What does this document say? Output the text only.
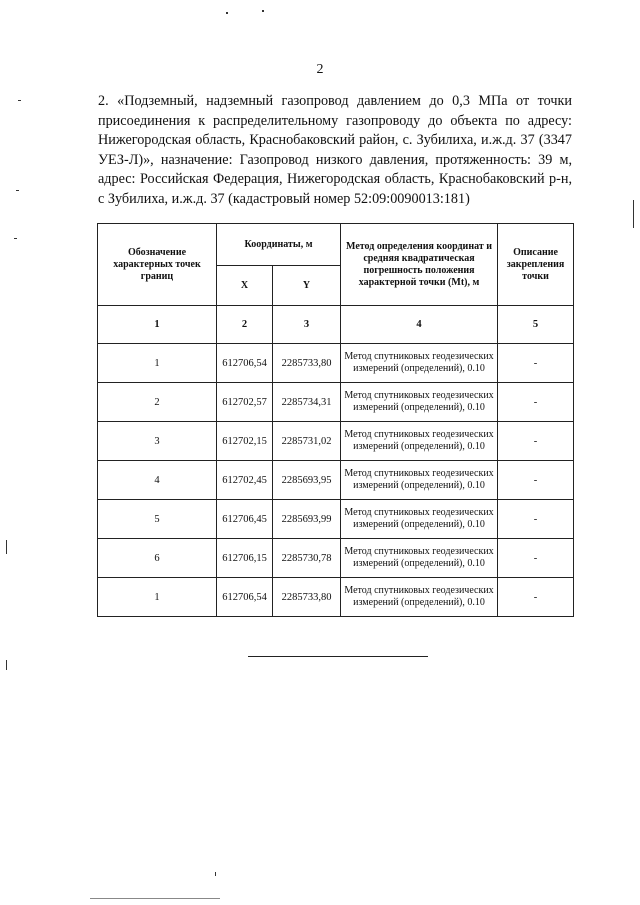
2
2. «Подземный, надземный газопровод давлением до 0,3 МПа от точки присоединения к распределительному газопроводу до объекта по адресу: Нижегородская область, Краснобаковский район, с. Зубилиха, и.ж.д. 37 (3347 УЕЗ-Л)», назначение: Газопровод низкого давления, протяженность: 39 м, адрес: Российская Федерация, Нижегородская область, Краснобаковский р-н, с Зубилиха, и.ж.д. 37 (кадастровый номер 52:09:0090013:181)
Обозначение характерных точек границ	Координаты, м		Метод определения координат и средняя квадратическая погрешность положения характерной точки (Mt), м	Описание закрепления точки
	X	Y		
1	2	3	4	5
1	612706,54	2285733,80	Метод спутниковых геодезических измерений (определений), 0.10	-
2	612702,57	2285734,31	Метод спутниковых геодезических измерений (определений), 0.10	-
3	612702,15	2285731,02	Метод спутниковых геодезических измерений (определений), 0.10	-
4	612702,45	2285693,95	Метод спутниковых геодезических измерений (определений), 0.10	-
5	612706,45	2285693,99	Метод спутниковых геодезических измерений (определений), 0.10	-
6	612706,15	2285730,78	Метод спутниковых геодезических измерений (определений), 0.10	-
1	612706,54	2285733,80	Метод спутниковых геодезических измерений (определений), 0.10	-
